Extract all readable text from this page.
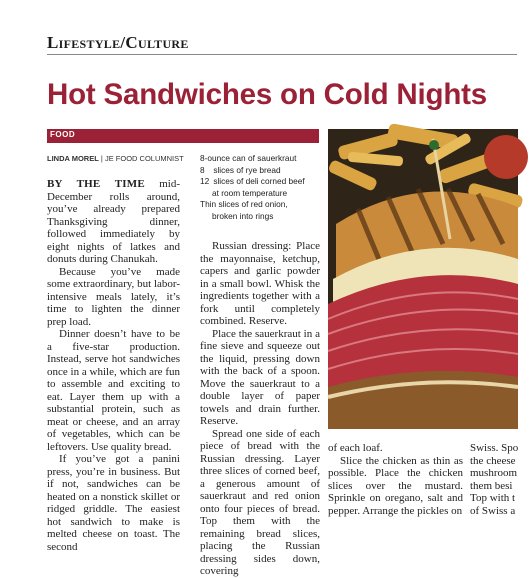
Lifestyle/Culture
Hot Sandwiches on Cold Nights
FOOD
LINDA MOREL | JE FOOD COLUMNIST

BY THE TIME mid-December rolls around, you’ve already prepared Thanksgiving dinner, followed immediately by eight nights of latkes and donuts during Chanukah.

Because you’ve made some extraordinary, but labor-intensive meals lately, it’s time to lighten the dinner prep load.

Dinner doesn’t have to be a five-star production. Instead, serve hot sandwiches once in a while, which are fun to assemble and exciting to eat. Layer them up with a substantial protein, such as meat or cheese, and an array of vegetables, which can be leftovers. Use quality bread.

If you’ve got a panini press, you’re in business. But if not, sandwiches can be heated on a nonstick skillet or ridged griddle. The easiest hot sandwich to make is melted cheese on toast. The second

8-ounce can of sauerkraut
8 slices of rye bread
12 slices of deli corned beef
at room temperature
Thin slices of red onion,
broken into rings

Russian dressing: Place the mayonnaise, ketchup, capers and garlic powder in a small bowl. Whisk the ingredients together with a fork until completely combined. Reserve.

Place the sauerkraut in a fine sieve and squeeze out the liquid, pressing down with the back of a spoon. Move the sauerkraut to a double layer of paper towels and drain further. Reserve.

Spread one side of each piece of bread with the Russian dressing. Layer three slices of corned beef, a generous amount of sauerkraut and red onion onto four pieces of bread. Top them with the remaining bread slices, placing the Russian dressing sides down, covering

of each loaf.

Slice the chicken as thin as possible. Place the chicken slices over the mustard. Sprinkle on oregano, salt and pepper. Arrange the pickles on

Swiss. Spo
the cheese
mushroom
them besi
Top with t
of Swiss a
